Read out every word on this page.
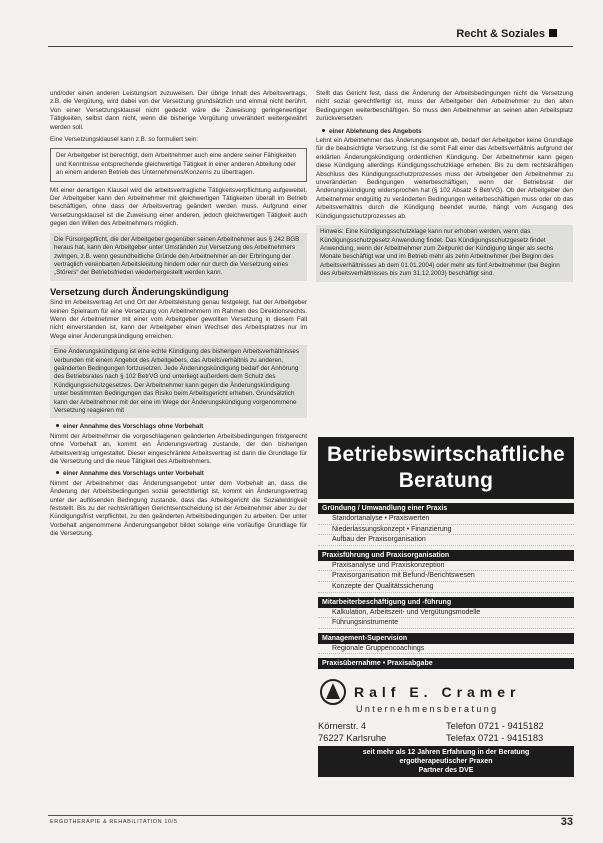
Recht & Soziales

und/oder einen anderen Leistungsort zuzuweisen. Der übrige Inhalt des Arbeitsvertrags, z.B. die Vergütung, wird dabei von der Versetzung grundsätzlich und einmal nicht berührt. Von einer Versetzungsklausel nicht gedeckt wäre die Zuweisung geringerwertiger Tätigkeiten, selbst dann nicht, wenn die bisherige Vergütung unverändert weitergewährt werden soll.

Eine Versetzungsklausel kann z.B. so formuliert sein:

Der Arbeitgeber ist berechtigt, dem Arbeitnehmer auch eine andere seiner Fähigkeiten und Kenntnisse entsprechende gleichwertige Tätigkeit in einer anderen Abteilung oder an einem anderen Betrieb des Unternehmens/Konzerns zu übertragen.

Mit einer derartigen Klausel wird die arbeitsvertragliche Tätigkeitsverpflichtung aufgeweitet. Der Arbeitgeber kann den Arbeitnehmer mit gleichwertigen Tätigkeiten überall im Betrieb beschäftigen, ohne dass der Arbeitsvertrag geändert werden muss. Aufgrund einer Versetzungsklausel ist die Zuweisung einer anderen, jedoch gleichwertigen Tätigkeit auch gegen den Willen des Arbeitnehmers möglich.

Die Fürsorgepflicht, die der Arbeitgeber gegenüber seinen Arbeitnehmer aus § 242 BGB heraus hat, kann den Arbeitgeber unter Umständen zur Versetzung des Arbeitnehmers zwingen, z.B. wenn gesundheitliche Gründe den Arbeitnehmer an der Erbringung der vertraglich vereinbarten Arbeitsleistung hindern oder nur durch die Versetzung eines „Störers“ der Betriebsfrieden wiederhergestellt werden kann.
Versetzung durch Änderungskündigung

Sind im Arbeitsvertrag Art und Ort der Arbeitsleistung genau festgelegt, hat der Arbeitgeber keinen Spielraum für eine Versetzung von Arbeitnehmern im Rahmen des Direktionsrechts. Wenn der Arbeitnehmer mit einer vom Arbeitgeber gewollten Versetzung in diesem Fall nicht einverstanden ist, kann der Arbeitgeber einen Wechsel des Arbeitsplatzes nur im Wege einer Änderungskündigung erreichen.

Eine Änderungskündigung ist eine echte Kündigung des bisherigen Arbeitsverhältnisses verbunden mit einem Angebot des Arbeitgebers, das Arbeitsverhältnis zu anderen, geänderten Bedingungen fortzusetzen. Jede Änderungskündigung bedarf der Anhörung des Betriebsrates nach § 102 BetrVG und unterliegt außerdem dem Schutz des Kündigungsschutzgesetzes. Der Arbeitnehmer kann gegen die Änderungskündigung unter bestimmten Bedingungen das Risiko beim Arbeitsgericht erheben. Grundsätzlich kann der Arbeitnehmer mit der eine im Wege der Änderungskündigung vorgenommene Versetzung reagieren mit
einer Annahme des Vorschlags ohne Vorbehalt

Nimmt der Arbeitnehmer die vorgeschlagenen geänderten Arbeitsbedingungen fristgerecht ohne Vorbehalt an, kommt ein Änderungsvertrag zustande, der den bisherigen Arbeitsvertrag umgestaltet. Dieser eingeschränkte Arbeitsvertrag ist dann die Grundlage für die Versetzung und die neue Tätigkeit des Arbeitnehmers.

einer Annahme des Vorschlags unter Vorbehalt

Nimmt der Arbeitnehmer das Änderungsangebot unter dem Vorbehalt an, dass die Änderung der Arbeitsbedingungen sozial gerechtfertigt ist, kommt ein Änderungsvertrag unter der auflösenden Bedingung zustande, dass das Arbeitsgericht die Sozialwidrigkeit feststellt. Bis zu der rechtskräftigen Gerichtsentscheidung ist der Arbeitnehmer aber zu der Kündigungsfrist verpflichtet, zu den geänderten Arbeitsbedingungen zu arbeiten. Der unter Vorbehalt angenommene Änderungsangebot bildet solange eine vorläufige Grundlage für die Versetzung.

Stellt das Gericht fest, dass die Änderung der Arbeitsbedingungen nicht die Versetzung nicht sozial gerechtfertigt ist, muss der Arbeitgeber den Arbeitnehmer zu den alten Bedingungen weiterbeschäftigen. So muss den Arbeitnehmer an seinen alten Arbeitsplatz zurückversetzen.

einer Ablehnung des Angebots

Lehnt ein Arbeitnehmer das Änderungsangebot ab, bedarf der Arbeitgeber keine Grundlage für die beabsichtigte Versetzung. Ist die somit Fall einer das Arbeitsverhältnis aufgrund der erklärten Änderungskündigung ordentlichen Kündigung. Der Arbeitnehmer kann gegen diese Kündigung allerdings Kündigungsschutzklage erheben. Bis zu dem rechtskräftigen Abschluss des Kündigungsschutzprozesses muss der Arbeitgeber den Arbeitnehmer zu unveränderten Bedingungen weiterbeschäftigen, wenn der Betriebsrat der Änderungskündigung widersprochen hat (§ 102 Absatz 5 BetrVG). Ob der Arbeitgeber den Arbeitnehmer endgültig zu veränderten Bedingungen weiterbeschäftigen muss oder ob das Arbeitsverhältnis durch die Kündigung beendet wurde, hängt vom Ausgang des Kündigungsschutzprozesses ab.

Hinweis: Eine Kündigungsschutzklage kann nur erhoben werden, wenn das Kündigungsschutzgesetz Anwendung findet. Das Kündigungsschutzgesetz findet Anwendung, wenn der Arbeitnehmer zum Zeitpunkt der Kündigung länger als sechs Monate beschäftigt war und im Betrieb mehr als zehn Arbeitnehmer (bei Beginn des Arbeitsverhältnisses ab dem 01.01.2004) oder mehr als fünf Arbeitnehmer (bei Beginn des Arbeitsverhältnisses bis zum 31.12.2003) beschäftigt sind.
Betriebswirtschaftliche Beratung
Gründung / Umwandlung einer Praxis
Standortanalyse • Praxiswerten
Niederlassungskonzept • Finanzierung
Aufbau der Praxisorganisation
Praxisführung und Praxisorganisation
Praxisanalyse und Praxiskonzeption
Praxisorganisation mit Befund-/Berichtswesen
Konzepte der Qualitätssicherung
Mitarbeiterbeschäftigung und -führung
Kalkulation, Arbeitszeit- und Vergütungsmodelle
Führungsinstrumente
Management-Supervision
Regionale Gruppencoachings
Praxisübernahme • Praxisabgabe
Ralf E. Cramer
Unternehmensberatung
Körnerstr. 4
76227 Karlsruhe
Telefon 0721 - 9415182
Telefax 0721 - 9415183
seit mehr als 12 Jahren Erfahrung in der Beratung
ergotherapeutischer Praxen
Partner des DVE
ERGOTHERAPIE & REHABILITATION 10/5	33
